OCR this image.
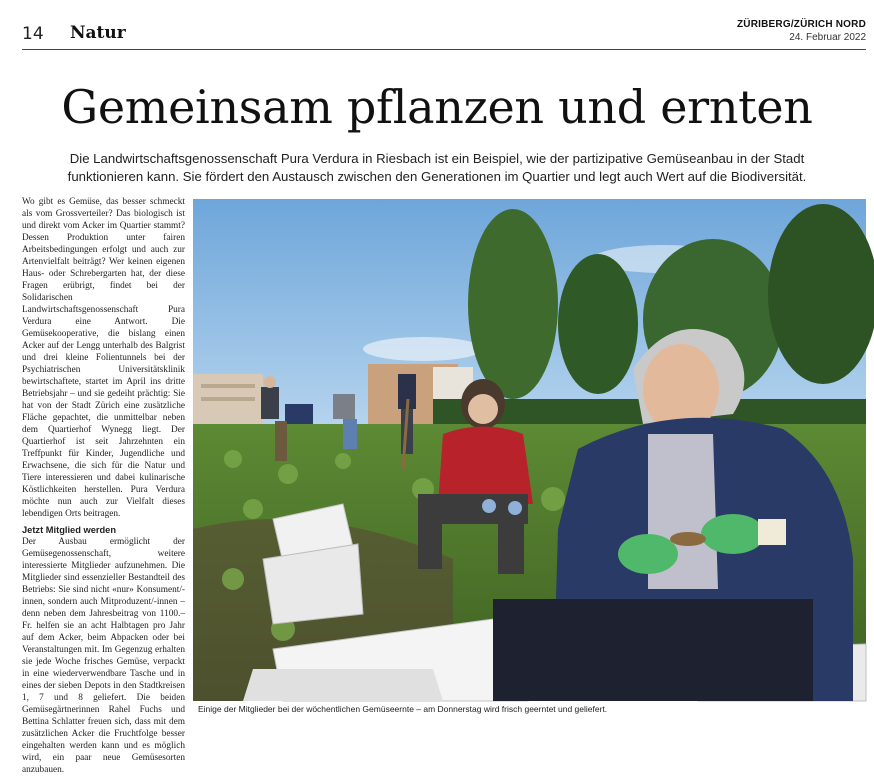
14 Natur	ZÜRIBERG/ZÜRICH NORD
24. Februar 2022
Gemeinsam pflanzen und ernten

Die Landwirtschaftsgenossenschaft Pura Verdura in Riesbach ist ein Beispiel, wie der partizipative Gemüseanbau in der Stadt funktionieren kann. Sie fördert den Austausch zwischen den Generationen im Quartier und legt auch Wert auf die Biodiversität.

Wo gibt es Gemüse, das besser schmeckt als vom Grossverteiler? Das biologisch ist und direkt vom Acker im Quartier stammt? Dessen Produktion unter fairen Arbeitsbedingungen erfolgt und auch zur Artenvielfalt beiträgt? Wer keinen eigenen Haus- oder Schrebergarten hat, der diese Fragen erübrigt, findet bei der Solidarischen Landwirtschaftsgenossenschaft Pura Verdura eine Antwort. Die Gemüsekooperative, die bislang einen Acker auf der Lengg unterhalb des Balgrist und drei kleine Folientunnels bei der Psychiatrischen Universitätsklinik bewirtschaftete, startet im April ins dritte Betriebsjahr – und sie gedeiht prächtig: Sie hat von der Stadt Zürich eine zusätzliche Fläche gepachtet, die unmittelbar neben dem Quartierhof Wynegg liegt. Der Quartierhof ist seit Jahrzehnten ein Treffpunkt für Kinder, Jugendliche und Erwachsene, die sich für die Natur und Tiere interessieren und dabei kulinarische Köstlichkeiten herstellen. Pura Verdura möchte nun auch zur Vielfalt dieses lebendigen Orts beitragen.

Jetzt Mitglied werden

Der Ausbau ermöglicht der Gemüsegenossenschaft, weitere interessierte Mitglieder aufzunehmen. Die Mitglieder sind essenzieller Bestandteil des Betriebs: Sie sind nicht «nur» Konsument/-innen, sondern auch Mitproduzent/-innen – denn neben dem Jahresbeitrag von 1100.– Fr. helfen sie an acht Halbtagen pro Jahr auf dem Acker, beim Abpacken oder bei Veranstaltungen mit. Im Gegenzug erhalten sie jede Woche frisches Gemüse, verpackt in eine wiederverwendbare Tasche und in eines der sieben Depots in den Stadtkreisen 1, 7 und 8 geliefert. Die beiden Gemüsegärtnerinnen Rahel Fuchs und Bettina Schlatter freuen sich, dass mit dem zusätzlichen Acker die Fruchtfolge besser eingehalten werden kann und es möglich wird, ein paar neue Gemüsesorten anzubauen.

Einige der Mitglieder bei der wöchentlichen Gemüseernte – am Donnerstag wird frisch geerntet und geliefert.
